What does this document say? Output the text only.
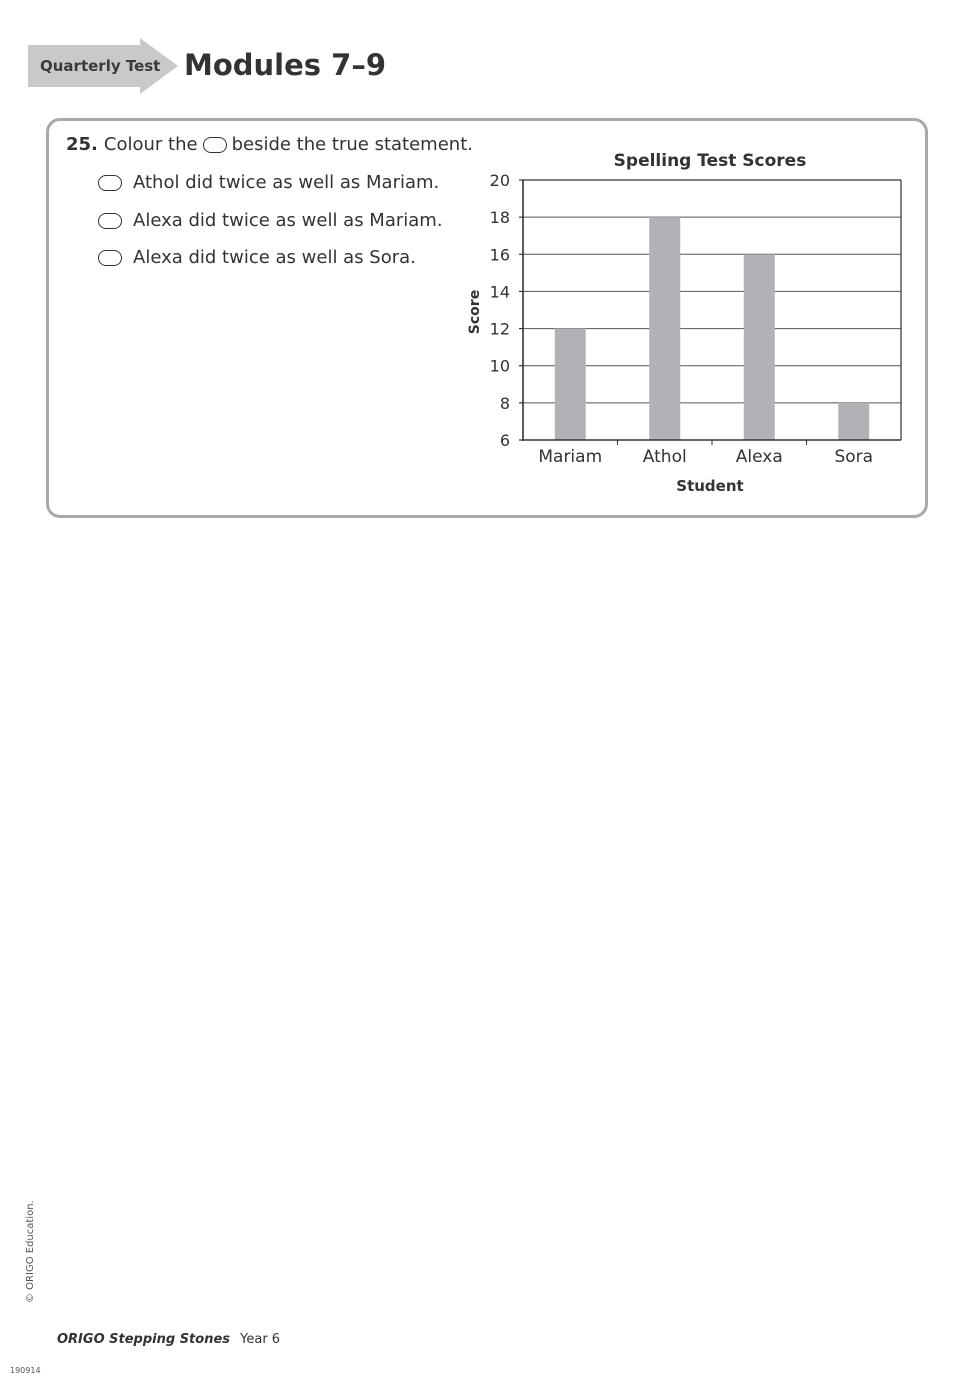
Quarterly Test Modules 7–9
25. Colour the beside the true statement.
Athol did twice as well as Mariam.
Alexa did twice as well as Mariam.
Alexa did twice as well as Sora.
Spelling Test Scores
6
8
10
12
14
16
18
20
Mariam Athol	Alexa	Sora
Score
Student
© ORIGO Education.
ORIGO Stepping Stones Year 6
190914
